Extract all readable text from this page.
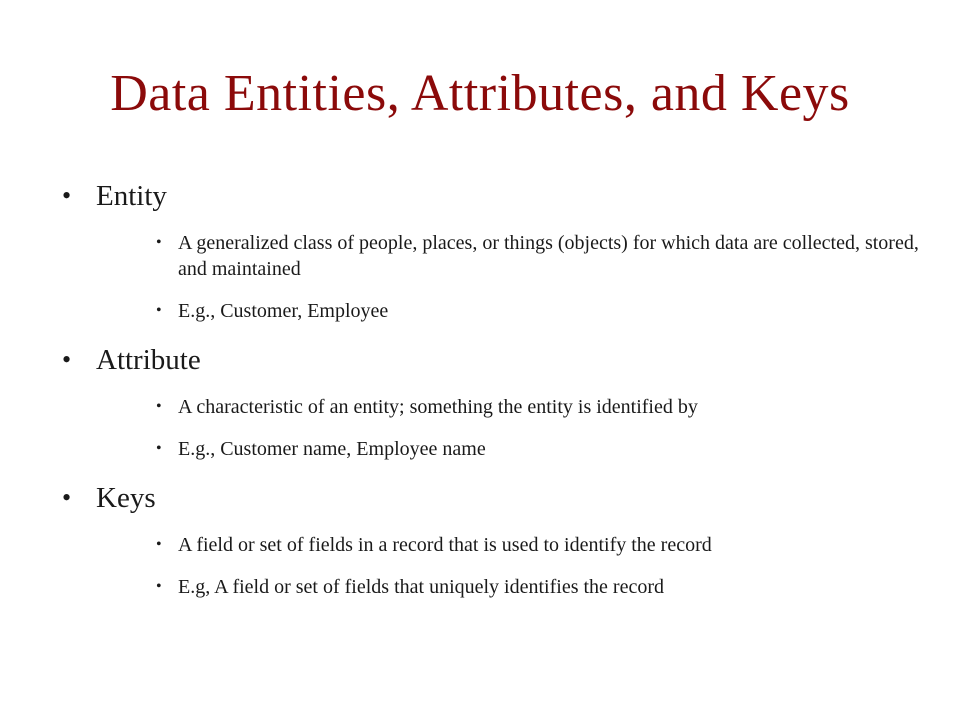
Data Entities, Attributes, and Keys
• Entity
• A generalized class of people, places, or things (objects) for which data are collected, stored, and maintained
• E.g., Customer, Employee
• Attribute
• A characteristic of an entity; something the entity is identified by
• E.g., Customer name, Employee name
• Keys
• A field or set of fields in a record that is used to identify the record
• E.g, A field or set of fields that uniquely identifies the record
